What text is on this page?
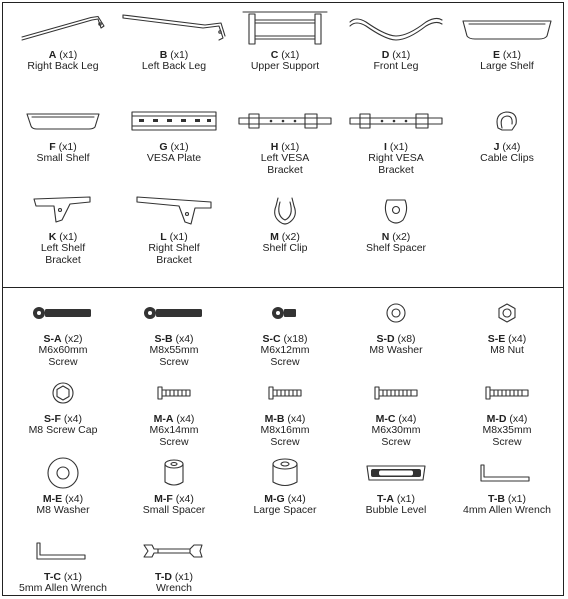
A (x1)
Right Back Leg
B (x1)
Left Back Leg
C (x1)
Upper Support
D (x1)
Front Leg
E (x1)
Large Shelf
F (x1)
Small Shelf
G (x1)
VESA Plate
H (x1)
Left VESA
Bracket
I (x1)
Right VESA
Bracket
J (x4)
Cable Clips
K (x1)
Left Shelf
Bracket
L (x1)
Right Shelf
Bracket
M (x2)
Shelf Clip
N (x2)
Shelf Spacer
S-A (x2)
M6x60mm
Screw
S-B (x4)
M8x55mm
Screw
S-C (x18)
M6x12mm
Screw
S-D (x8)
M8 Washer
S-E (x4)
M8 Nut
S-F (x4)
M8 Screw Cap
M-A (x4)
M6x14mm
Screw
M-B (x4)
M8x16mm
Screw
M-C (x4)
M6x30mm
Screw
M-D (x4)
M8x35mm
Screw
M-E (x4)
M8 Washer
M-F (x4)
Small Spacer
M-G (x4)
Large Spacer
T-A (x1)
Bubble Level
T-B (x1)
4mm Allen Wrench
T-C (x1)
5mm Allen Wrench
T-D (x1)
Wrench
